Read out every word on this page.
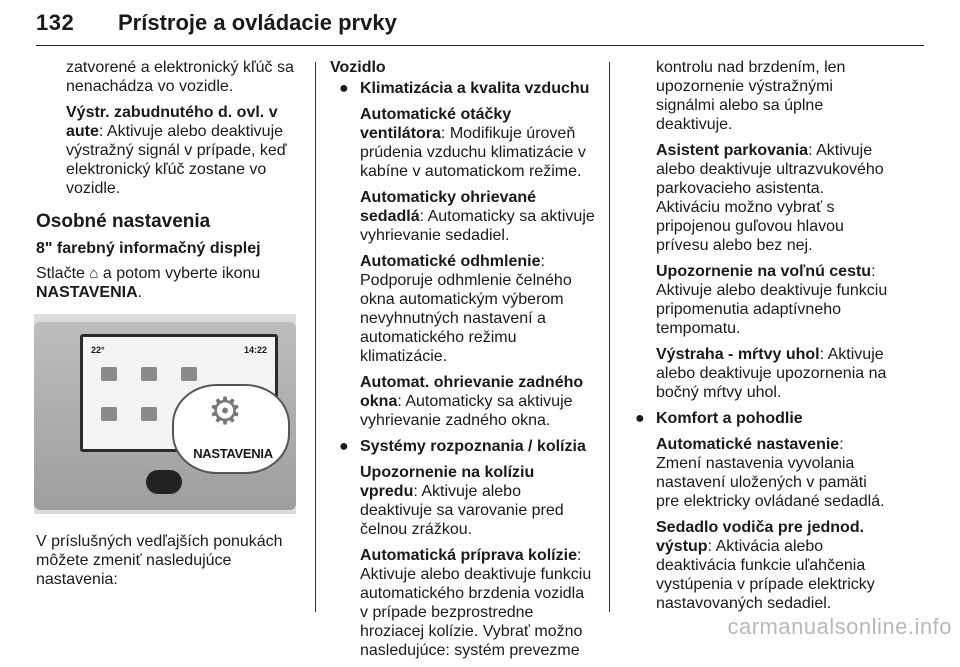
132 Prístroje a ovládacie prvky

zatvorené a elektronický kľúč sa nenachádza vo vozidle.

Výstr. zabudnutého d. ovl. v aute: Aktivuje alebo deaktivuje výstražný signál v prípade, keď elektronický kľúč zostane vo vozidle.

Osobné nastavenia
8" farebný informačný displej

Stlačte ⌂ a potom vyberte ikonu
NASTAVENIA.

22°	14:22
⚙
NASTAVENIA

V príslušných vedľajších ponukách môžete zmeniť nasledujúce nastavenia:

Vozidlo
● Klimatizácia a kvalita vzduchu

Automatické otáčky ventilátora: Modifikuje úroveň prúdenia vzduchu klimatizácie v kabíne v automatickom režime.

Automaticky ohrievané sedadlá: Automaticky sa aktivuje vyhrievanie sedadiel.

Automatické odhmlenie: Podporuje odhmlenie čelného okna automatickým výberom nevyhnutných nastavení a automatického režimu klimatizácie.

Automat. ohrievanie zadného okna: Automaticky sa aktivuje vyhrievanie zadného okna.

● Systémy rozpoznania / kolízia

Upozornenie na kolíziu vpredu: Aktivuje alebo deaktivuje sa varovanie pred čelnou zrážkou.

Automatická príprava kolízie: Aktivuje alebo deaktivuje funkciu automatického brzdenia vozidla v prípade bezprostredne hroziacej kolízie. Vybrať možno nasledujúce: systém prevezme

kontrolu nad brzdením, len upozornenie výstražnými signálmi alebo sa úplne deaktivuje.

Asistent parkovania: Aktivuje alebo deaktivuje ultrazvukového parkovacieho asistenta. Aktiváciu možno vybrať s pripojenou guľovou hlavou prívesu alebo bez nej.

Upozornenie na voľnú cestu: Aktivuje alebo deaktivuje funkciu pripomenutia adaptívneho tempomatu.

Výstraha - mŕtvy uhol: Aktivuje alebo deaktivuje upozornenia na bočný mŕtvy uhol.

● Komfort a pohodlie

Automatické nastavenie: Zmení nastavenia vyvolania nastavení uložených v pamäti pre elektricky ovládané sedadlá.

Sedadlo vodiča pre jednod. výstup: Aktivácia alebo deaktivácia funkcie uľahčenia vystúpenia v prípade elektricky nastavovaných sedadiel.

carmanualsonline.info
